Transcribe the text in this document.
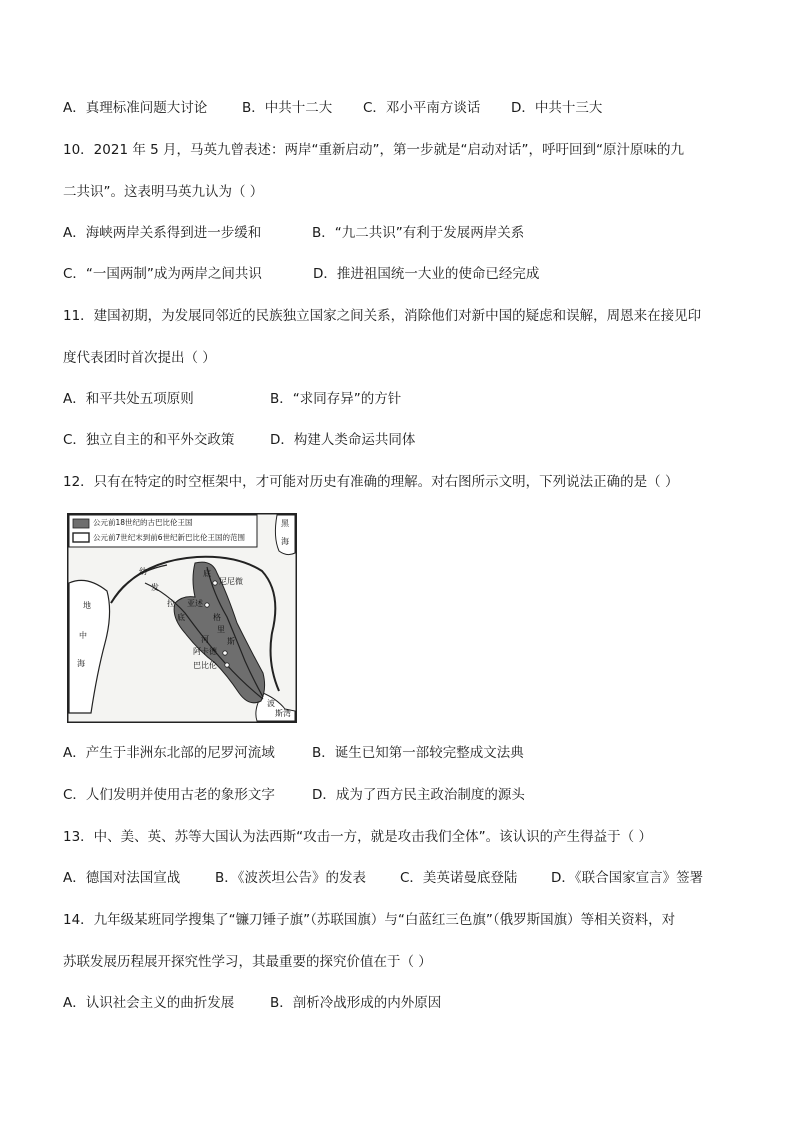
A．真理标准问题大讨论	B．中共十二大 C．邓小平南方谈话 D．中共十三大
10．2021 年 5 月，马英九曾表述：两岸“重新启动”，第一步就是“启动对话”，呼吁回到“原汁原味的九
二共识”。这表明马英九认为（ ）
A．海峡两岸关系得到进一步缓和	B．“九二共识”有利于发展两岸关系
C．“一国两制”成为两岸之间共识	D．推进祖国统一大业的使命已经完成
11．建国初期，为发展同邻近的民族独立国家之间关系，消除他们对新中国的疑虑和误解，周恩来在接见印
度代表团时首次提出（ ）
A．和平共处五项原则	B．“求同存异”的方针
C．独立自主的和平外交政策	D．构建人类命运共同体
12．只有在特定的时空框架中，才可能对历史有准确的理解。对右图所示文明，下列说法正确的是（ ）
公元前18世纪的古巴比伦王国
公元前7世纪末到前6世纪新巴比伦王国的范围
黑
海
地
中
海
幼
发
拉
底
底
格
里
斯
河
尼尼微
亚述
阿卡德
巴比伦
波
斯湾
A．产生于非洲东北部的尼罗河流域	B．诞生已知第一部较完整成文法典
C．人们发明并使用古老的象形文字	D．成为了西方民主政治制度的源头
13．中、美、英、苏等大国认为法西斯“攻击一方，就是攻击我们全体”。该认识的产生得益于（ ）
A．德国对法国宣战	B．《波茨坦公告》的发表	C．美英诺曼底登陆 D．《联合国家宣言》签署
14．九年级某班同学搜集了“镰刀锤子旗”（苏联国旗）与“白蓝红三色旗”（俄罗斯国旗）等相关资料，对
苏联发展历程展开探究性学习，其最重要的探究价值在于（ ）
A．认识社会主义的曲折发展	B．剖析冷战形成的内外原因
